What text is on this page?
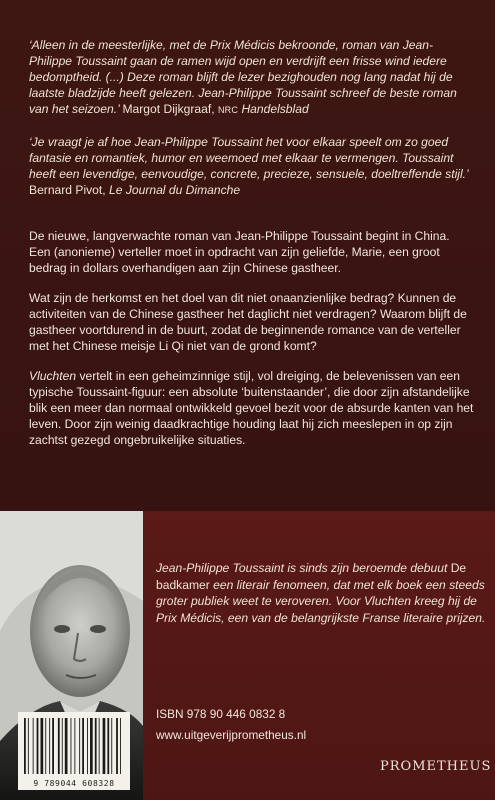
‘Alleen in de meesterlijke, met de Prix Médicis bekroonde, roman van Jean-Philippe Toussaint gaan de ramen wijd open en verdrijft een frisse wind iedere bedomptheid. (...) Deze roman blijft de lezer bezighouden nog lang nadat hij de laatste bladzijde heeft gelezen. Jean-Philippe Toussaint schreef de beste roman van het seizoen.’ Margot Dijkgraaf, NRC Handelsblad

‘Je vraagt je af hoe Jean-Philippe Toussaint het voor elkaar speelt om zo goed fantasie en romantiek, humor en weemoed met elkaar te vermengen. Toussaint heeft een levendige, eenvoudige, concrete, precieze, sensuele, doeltreffende stijl.’ Bernard Pivot, Le Journal du Dimanche

De nieuwe, langverwachte roman van Jean-Philippe Toussaint begint in China. Een (anonieme) verteller moet in opdracht van zijn geliefde, Marie, een groot bedrag in dollars overhandigen aan zijn Chinese gastheer.

Wat zijn de herkomst en het doel van dit niet onaanzienlijke bedrag? Kunnen de activiteiten van de Chinese gastheer het daglicht niet verdragen? Waarom blijft de gastheer voortdurend in de buurt, zodat de beginnende romance van de verteller met het Chinese meisje Li Qi niet van de grond komt?

Vluchten vertelt in een geheimzinnige stijl, vol dreiging, de belevenissen van een typische Toussaint-figuur: een absolute ‘buitenstaander’, die door zijn afstandelijke blik een meer dan normaal ontwikkeld gevoel bezit voor de absurde kanten van het leven. Door zijn weinig daadkrachtige houding laat hij zich meeslepen in op zijn zachtst gezegd ongebruikelijke situaties.

Jean-Philippe Toussaint is sinds zijn beroemde debuut De badkamer een literair fenomeen, dat met elk boek een steeds groter publiek weet te veroveren. Voor Vluchten kreeg hij de Prix Médicis, een van de belangrijkste Franse literaire prijzen.
ISBN 978 90 446 0832 8
www.uitgeverijprometheus.nl
9 789044 608328
PROMETHEUS
